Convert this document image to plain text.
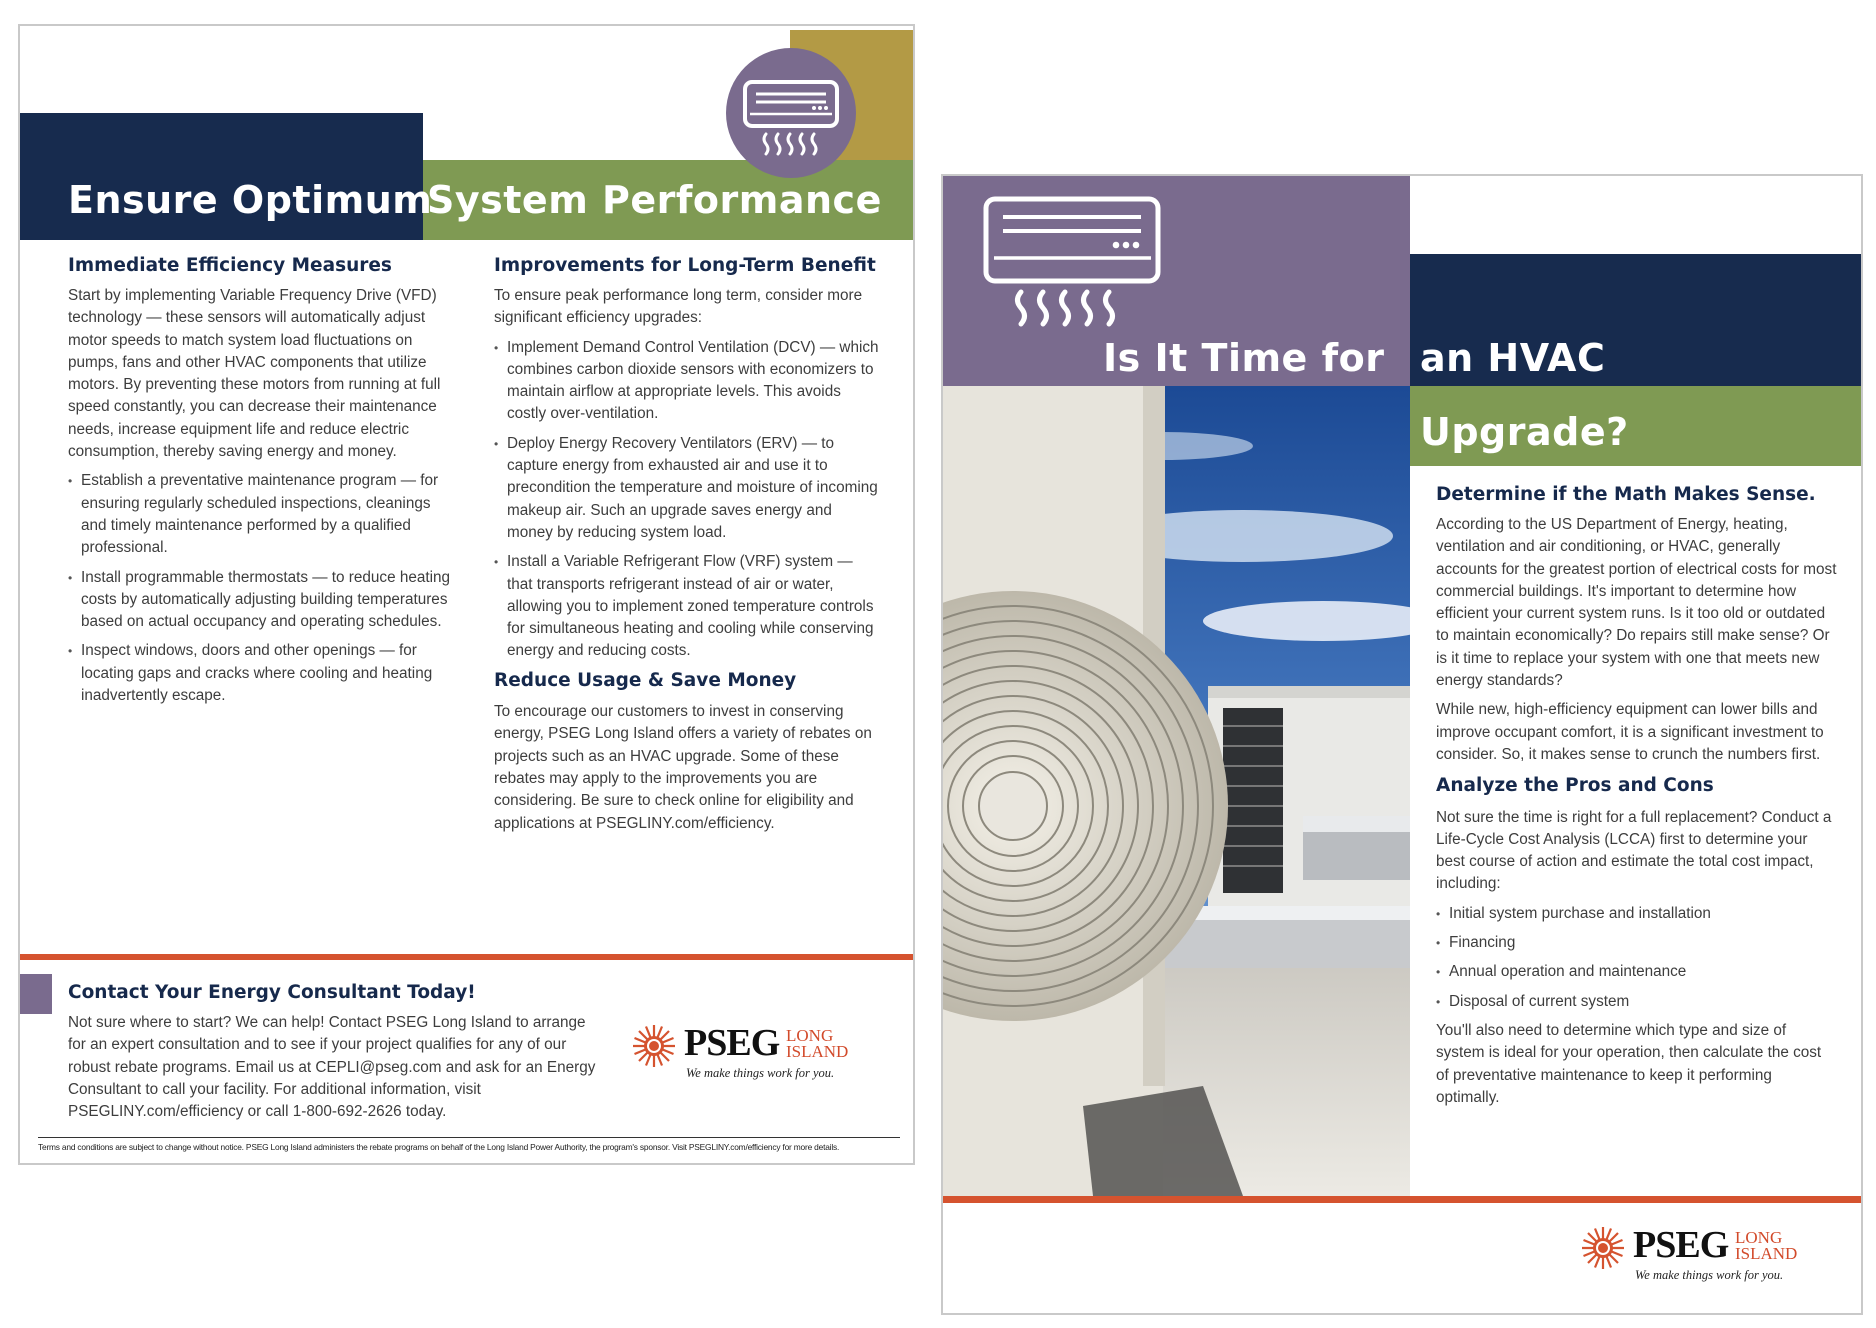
Ensure Optimum
System Performance
Immediate Efficiency Measures

Start by implementing Variable Frequency Drive (VFD) technology — these sensors will automatically adjust motor speeds to match system load fluctuations on pumps, fans and other HVAC components that utilize motors. By preventing these motors from running at full speed constantly, you can decrease their maintenance needs, increase equipment life and reduce electric consumption, thereby saving energy and money.

• Establish a preventative maintenance program — for ensuring regularly scheduled inspections, cleanings and timely maintenance performed by a qualified professional.
• Install programmable thermostats — to reduce heating costs by automatically adjusting building temperatures based on actual occupancy and operating schedules.
• Inspect windows, doors and other openings — for locating gaps and cracks where cooling and heating inadvertently escape.
Improvements for Long-Term Benefit

To ensure peak performance long term, consider more significant efficiency upgrades:

• Implement Demand Control Ventilation (DCV) — which combines carbon dioxide sensors with economizers to maintain airflow at appropriate levels. This avoids costly over-ventilation.
• Deploy Energy Recovery Ventilators (ERV) — to capture energy from exhausted air and use it to precondition the temperature and moisture of incoming makeup air. Such an upgrade saves energy and money by reducing system load.
• Install a Variable Refrigerant Flow (VRF) system — that transports refrigerant instead of air or water, allowing you to implement zoned temperature controls for simultaneous heating and cooling while conserving energy and reducing costs.
Reduce Usage & Save Money

To encourage our customers to invest in conserving energy, PSEG Long Island offers a variety of rebates on projects such as an HVAC upgrade. Some of these rebates may apply to the improvements you are considering. Be sure to check online for eligibility and applications at PSEGLINY.com/efficiency.

Contact Your Energy Consultant Today!
Not sure where to start? We can help! Contact PSEG Long Island to arrange for an expert consultation and to see if your project qualifies for any of our robust rebate programs. Email us at CEPLI@pseg.com and ask for an Energy Consultant to call your facility. For additional information, visit PSEGLINY.com/efficiency or call 1-800-692-2626 today.
PSEG LONG
ISLAND
We make things work for you.
Terms and conditions are subject to change without notice. PSEG Long Island administers the rebate programs on behalf of the Long Island Power Authority, the program's sponsor. Visit PSEGLINY.com/efficiency for more details.
Is It Time for an HVAC
Upgrade?
Determine if the Math Makes Sense.

According to the US Department of Energy, heating, ventilation and air conditioning, or HVAC, generally accounts for the greatest portion of electrical costs for most commercial buildings. It's important to determine how efficient your current system runs. Is it too old or outdated to maintain economically? Do repairs still make sense? Or is it time to replace your system with one that meets new energy standards?

While new, high-efficiency equipment can lower bills and improve occupant comfort, it is a significant investment to consider. So, it makes sense to crunch the numbers first.

Analyze the Pros and Cons

Not sure the time is right for a full replacement? Conduct a Life-Cycle Cost Analysis (LCCA) first to determine your best course of action and estimate the total cost impact, including:

• Initial system purchase and installation
• Financing
• Annual operation and maintenance
• Disposal of current system

You'll also need to determine which type and size of system is ideal for your operation, then calculate the cost of preventative maintenance to keep it performing optimally.

PSEG LONG
ISLAND
We make things work for you.
